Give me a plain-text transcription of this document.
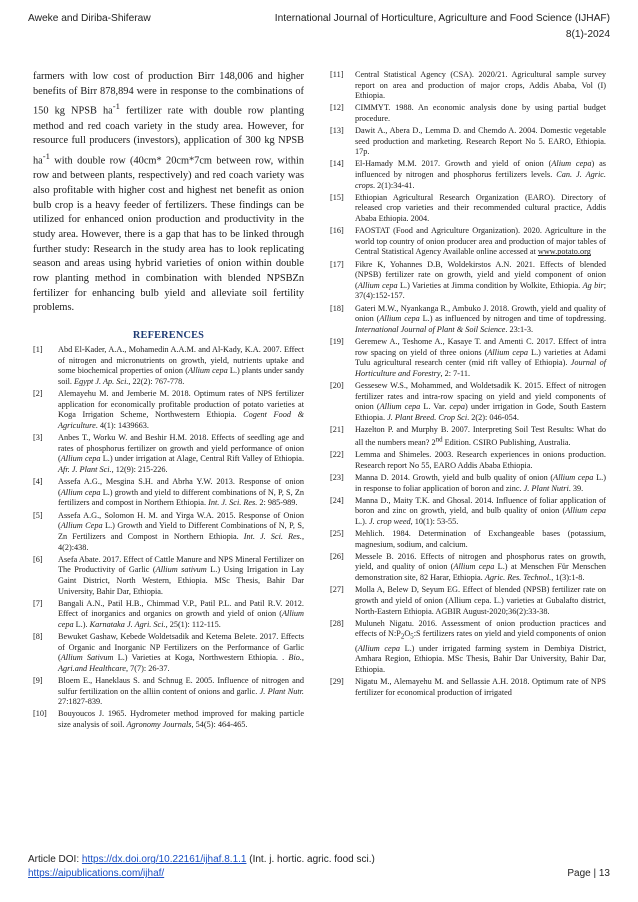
Aweke and Diriba-Shiferaw	International Journal of Horticulture, Agriculture and Food Science (IJHAF)
8(1)-2024

farmers with low cost of production Birr 148,006 and higher benefits of Birr 878,894 were in response to the combinations of 150 kg NPSB $ha^{-1}$ fertilizer rate with double row planting method and red coach variety in the study area. However, for resource full producers (investors), application of 300 kg NPSB $ha^{-1}$ with double row (40cm* 20cm*7cm between row, within row and between plants, respectively) and red coach variety was also profitable with higher cost and highest net benefit as onion bulb crop is a heavy feeder of fertilizers. These findings can be utilized for enhanced onion production and productivity in the study area. However, there is a gap that has to be linked through further study: Research in the study area has to look replicating season and areas using hybrid varieties of onion within double row planting method in combination with blended NPSBZn fertilizer for enhancing bulb yield and alleviate soil fertility problems.

REFERENCES
[1] Abd El-Kader, A.A., Mohamedin A.A.M. and Al-Kady, K.A. 2007. Effect of nitrogen and micronutrients on growth, yield, nutrients uptake and some biochemical properties of onion (Allium cepa L.) plants under sandy soil. Egypt J. Ap. Sci., 22(2): 767-778.
[2] Alemayehu M. and Jemberie M. 2018. Optimum rates of NPS fertilizer application for economically profitable production of potato varieties at Koga Irrigation Scheme, Northwestern Ethiopia. Cogent Food & Agriculture. 4(1): 1439663.
[3] Anbes T., Worku W. and Beshir H.M. 2018. Effects of seedling age and rates of phosphorus fertilizer on growth and yield performance of onion (Allium cepa L.) under irrigation at Alage, Central Rift Valley of Ethiopia. Afr. J. Plant Sci., 12(9): 215-226.
[4] Assefa A.G., Mesgina S.H. and Abrha Y.W. 2013. Response of onion (Allium cepa L.) growth and yield to different combinations of N, P, S, Zn fertilizers and compost in Northern Ethiopia. Int. J. Sci. Res. 2: 985-989.
[5] Assefa A.G., Solomon H. M. and Yirga W.A. 2015. Response of Onion (Allium Cepa L.) Growth and Yield to Different Combinations of N, P, S, Zn Fertilizers and Compost in Northern Ethiopia. Int. J. Sci. Res., 4(2):438.
[6] Asefa Abate. 2017. Effect of Cattle Manure and NPS Mineral Fertilizer on The Productivity of Garlic (Allium sativum L.) Using Irrigation in Lay Gaint District, North Western, Ethiopia. MSc Thesis, Bahir Dar University, Bahir Dar, Ethiopia.
[7] Bangali A.N., Patil H.B., Chimmad V.P., Patil P.L. and Patil R.V. 2012. Effect of inorganics and organics on growth and yield of onion (Allium cepa L.). Karnataka J. Agri. Sci., 25(1): 112-115.
[8] Bewuket Gashaw, Kebede Woldetsadik and Ketema Belete. 2017. Effects of Organic and Inorganic NP Fertilizers on the Performance of Garlic (Allium Sativum L.) Varieties at Koga, Northwestern Ethiopia. . Bio., Agri.and Healthcare, 7(7): 26-37.
[9] Bloem E., Haneklaus S. and Schnug E. 2005. Influence of nitrogen and sulfur fertilization on the alliin content of onions and garlic. J. Plant Nutr. 27:1827-839.
[10] Bouyoucos J. 1965. Hydrometer method improved for making particle size analysis of soil. Agronomy Journals, 54(5): 464-465.
[11] Central Statistical Agency (CSA). 2020/21. Agricultural sample survey report on area and production of major crops, Addis Ababa, Vol (I) Ethiopia.
[12] CIMMYT. 1988. An economic analysis done by using partial budget procedure.
[13] Dawit A., Abera D., Lemma D. and Chemdo A. 2004. Domestic vegetable seed production and marketing. Research Report No 5. EARO, Ethiopia. 17p.
[14] El-Hamady M.M. 2017. Growth and yield of onion (Alium cepa) as influenced by nitrogen and phosphorus fertilizers levels. Can. J. Agric. crops. 2(1):34-41.
[15] Ethiopian Agricultural Research Organization (EARO). Directory of released crop varieties and their recommended cultural practice, Addis Ababa Ethiopia. 2004.
[16] FAOSTAT (Food and Agriculture Organization). 2020. Agriculture in the world top country of onion producer area and production of major tables of Central Statistical Agency Available online accessed at www.potato.org
[17] Fikre K, Yohannes D.B, Woldekirstos A.N. 2021. Effects of blended (NPSB) fertilizer rate on growth, yield and yield component of onion (Allium cepa L.) Varieties at Jimma condition by Wolkite, Ethiopia. Ag bir; 37(4):152-157.
[18] Gateri M.W., Nyankanga R., Ambuko J. 2018. Growth, yield and quality of onion (Allium cepa L.) as influenced by nitrogen and time of topdressing. International Journal of Plant & Soil Science. 23:1-3.
[19] Geremew A., Teshome A., Kasaye T. and Amenti C. 2017. Effect of intra row spacing on yield of three onions (Allium cepa L.) varieties at Adami Tulu agricultural research center (mid rift valley of Ethiopia). Journal of Horticulture and Forestry, 2: 7-11.
[20] Gessesew W.S., Mohammed, and Woldetsadik K. 2015. Effect of nitrogen fertilizer rates and intra-row spacing on yield and yield components of onion (Allium cepa L. Var. cepa) under irrigation in Gode, South Eastern Ethiopia. J. Plant Breed. Crop Sci. 2(2): 046-054.
[21] Hazelton P. and Murphy B. 2007. Interpreting Soil Test Results: What do all the numbers mean? 2nd Edition. CSIRO Publishing, Australia.
[22] Lemma and Shimeles. 2003. Research experiences in onions production. Research report No 55, EARO Addis Ababa Ethiopia.
[23] Manna D. 2014. Growth, yield and bulb quality of onion (Allium cepa L.) in response to foliar application of boron and zinc. J. Plant Nutri. 39.
[24] Manna D., Maity T.K. and Ghosal. 2014. Influence of foliar application of boron and zinc on growth, yield, and bulb quality of onion (Allium cepa L.). J. crop weed, 10(1): 53-55.
[25] Mehlich. 1984. Determination of Exchangeable bases (potassium, magnesium, sodium, and calcium.
[26] Messele B. 2016. Effects of nitrogen and phosphorus rates on growth, yield, and quality of onion (Allium cepa L.) at Menschen Für Menschen demonstration site, 82 Harar, Ethiopia. Agric. Res. Technol., 1(3):1-8.
[27] Molla A, Belew D, Seyum EG. Effect of blended (NPSB) fertilizer rate on growth and yield of onion (Allium cepa. L.) varieties at Gubalafto district, North-Eastern Ethiopia. AGBIR August-2020;36(2):33-38.
[28] Muluneh Nigatu. 2016. Assessment of onion production practices and effects of $N:P_2O_5:S$ fertilizers rates on yield and yield components of onion (Allium cepa L.) under irrigated farming system in Dembiya District, Amhara Region, Ethiopia. MSc Thesis, Bahir Dar University, Bahir Dar, Ethiopia.
[29] Nigatu M., Alemayehu M. and Sellassie A.H. 2018. Optimum rate of NPS fertilizer for economical production of irrigated
Article DOI: https://dx.doi.org/10.22161/ijhaf.8.1.1 (Int. j. hortic. agric. food sci.)
https://aipublications.com/ijhaf/	Page | 13
